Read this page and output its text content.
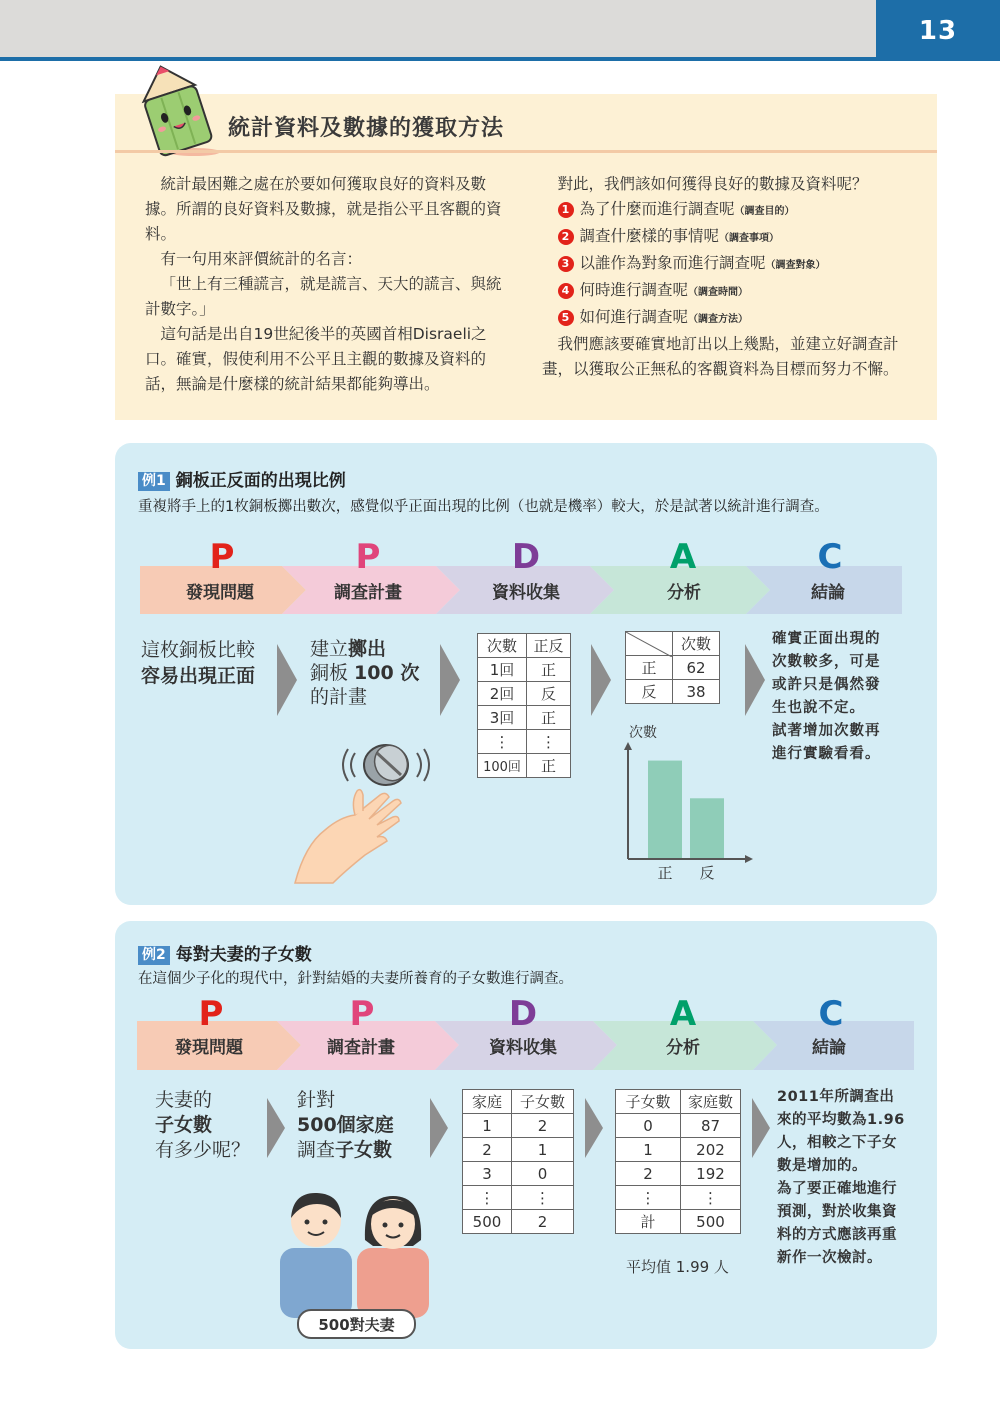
13
統計資料及數據的獲取方法
統計最困難之處在於要如何獲取良好的資料及數據。所謂的良好資料及數據，就是指公平且客觀的資料。
有一句用來評價統計的名言：
「世上有三種謊言，就是謊言、天大的謊言、與統計數字。」
這句話是出自19世紀後半的英國首相Disraeli之口。確實，假使利用不公平且主觀的數據及資料的話，無論是什麼樣的統計結果都能夠導出。
對此，我們該如何獲得良好的數據及資料呢？
1 為了什麼而進行調查呢（調查目的）
2 調查什麼樣的事情呢（調查事項）
3 以誰作為對象而進行調查呢（調查對象）
4 何時進行調查呢（調查時間）
5 如何進行調查呢（調查方法）
我們應該要確實地訂出以上幾點，並建立好調查計畫，以獲取公正無私的客觀資料為目標而努力不懈。
例1 銅板正反面的出現比例
重複將手上的1枚銅板擲出數次，感覺似乎正面出現的比例（也就是機率）較大，於是試著以統計進行調查。
P	P	D	A	C
發現問題	調查計畫	資料收集	分析	結論
這枚銅板比較
容易出現正面
建立擲出
銅板 100 次
的計畫
次數	正反
1回	正
2回	反
3回	正
⋮	⋮
100回	正
	次數
正	62
反	38
次數
正 反
確實正面出現的
次數較多，可是
或許只是偶然發
生也說不定。
試著增加次數再
進行實驗看看。
例2 每對夫妻的子女數
在這個少子化的現代中，針對結婚的夫妻所養育的子女數進行調查。
P	P	D	A	C
發現問題	調查計畫	資料收集	分析	結論
夫妻的
子女數
有多少呢？
針對
500個家庭
調查子女數
500對夫妻
家庭	子女數
1	2
2	1
3	0
⋮	⋮
500	2
子女數	家庭數
0	87
1	202
2	192
⋮	⋮
計	500
平均值 1.99 人
2011年所調查出
來的平均數為1.96
人，相較之下子女
數是增加的。
為了要正確地進行
預測，對於收集資
料的方式應該再重
新作一次檢討。
